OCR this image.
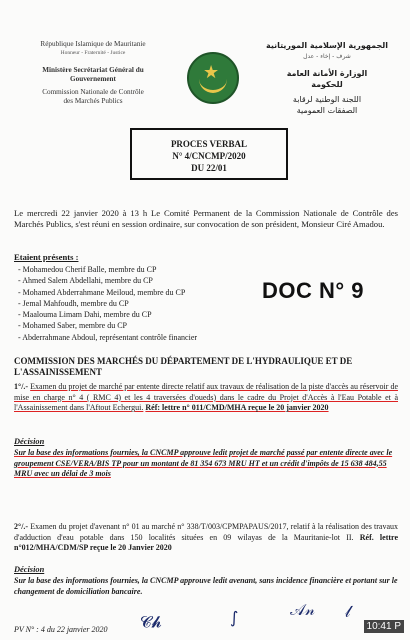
République Islamique de Mauritanie
Honneur - Fraternité - Justice
Ministère Secrétariat Général du
Gouvernement
Commission Nationale de Contrôle
des Marchés Publics
★
الجمهورية الإسلامية الموريتانية
شرف - إخاء - عدل
الوزارة الأمانة العامة
للحكومة
اللجنة الوطنية لرقابة
الصفقات العمومية
PROCES VERBAL
N° 4/CNCMP/2020
DU 22/01
Le mercredi 22 janvier 2020 à 13 h Le Comité Permanent de la Commission Nationale de Contrôle des Marchés Publics, s'est réuni en session ordinaire, sur convocation de son président, Monsieur Ciré Amadou.
Etaient présents :
- Mohamedou Cherif Balle, membre du CP
- Ahmed Salem Abdellahi, membre du CP
- Mohamed Abderrahmane Meiloud, membre du CP
- Jemal Mahfoudh, membre du CP
- Maalouma Limam Dahi, membre du CP
- Mohamed Saber, membre du CP
- Abderrahmane Abdoul, représentant contrôle financier
DOC N° 9
COMMISSION DES MARCHÉS DU DÉPARTEMENT DE L'HYDRAULIQUE ET DE L'ASSAINISSEMENT
1°/.- Examen du projet de marché par entente directe relatif aux travaux de réalisation de la piste d'accès au réservoir de mise en charge n° 4 ( RMC 4) et les 4 traversées d'oueds) dans le cadre du Projet d'Accès à l'Eau Potable et à l'Assainissement dans l'Aftout Echergui. Réf: lettre n° 011/CMD/MHA reçue le 20 janvier 2020
Décision
Sur la base des informations fournies, la CNCMP approuve ledit projet de marché passé par entente directe avec le groupement CSE/VERA/BIS TP pour un montant de 81 354 673 MRU HT et un crédit d'impôts de 15 638 484,55 MRU avec un délai de 3 mois
2°/.- Examen du projet d'avenant n° 01 au marché n° 338/T/003/CPMPAPAUS/2017, relatif à la réalisation des travaux d'adduction d'eau potable dans 150 localités situées en 09 wilayas de la Mauritanie-lot II. Réf. lettre n°012/MHA/CDM/SP reçue le 20 Janvier 2020
Décision
Sur la base des informations fournies, la CNCMP approuve ledit avenant, sans incidence financière et portant sur le changement de domiciliation bancaire.
PV N° : 4 du 22 janvier 2020 𝓒𝓱	∫	𝒜𝓃 𝓁
10:41 P
